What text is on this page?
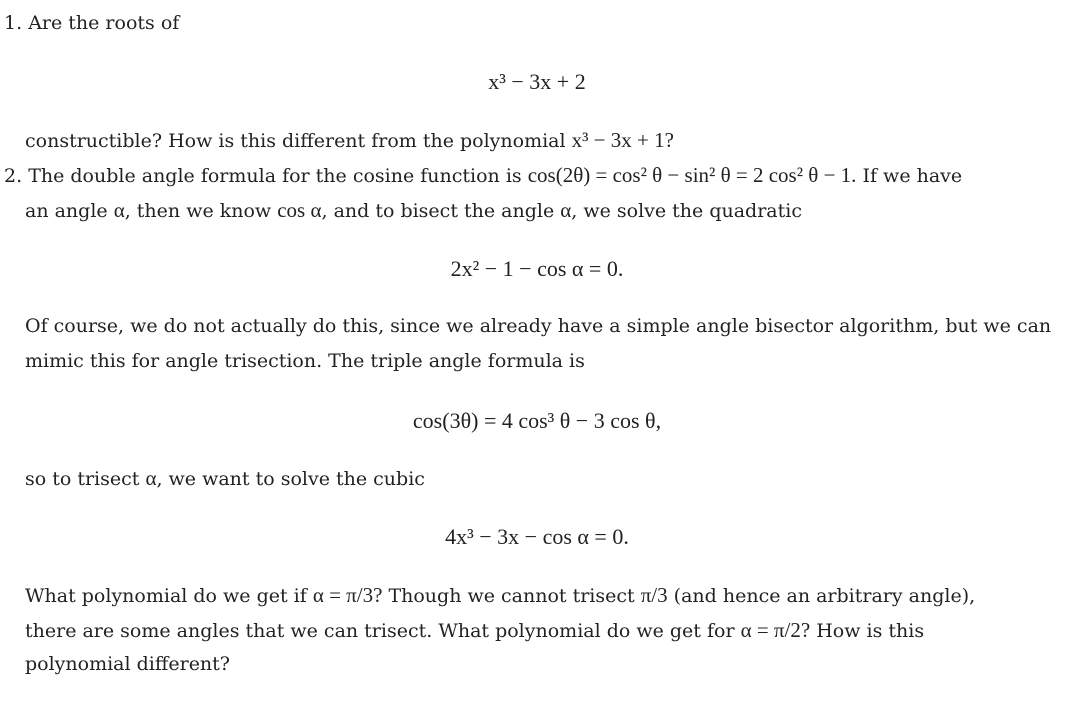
1. Are the roots of
x³ − 3x + 2
constructible? How is this different from the polynomial x³ − 3x + 1?
2. The double angle formula for the cosine function is cos(2θ) = cos² θ − sin² θ = 2 cos² θ − 1. If we have
an angle α, then we know cos α, and to bisect the angle α, we solve the quadratic
2x² − 1 − cos α = 0.
Of course, we do not actually do this, since we already have a simple angle bisector algorithm, but we can
mimic this for angle trisection. The triple angle formula is
cos(3θ) = 4 cos³ θ − 3 cos θ,
so to trisect α, we want to solve the cubic
4x³ − 3x − cos α = 0.
What polynomial do we get if α = π/3? Though we cannot trisect π/3 (and hence an arbitrary angle),
there are some angles that we can trisect. What polynomial do we get for α = π/2? How is this
polynomial different?
